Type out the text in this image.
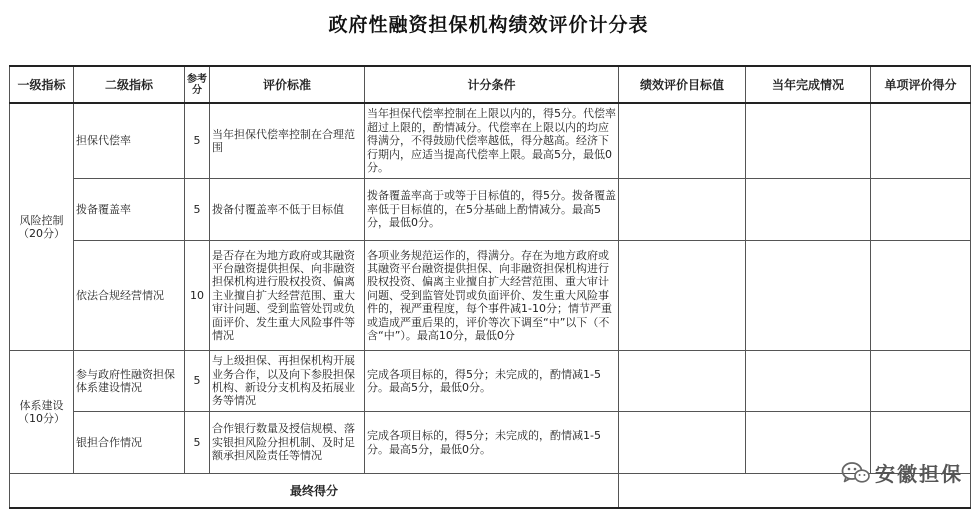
政府性融资担保机构绩效评价计分表
一级指标	二级指标	参考分	评价标准	计分条件	绩效评价目标值	当年完成情况	单项评价得分
风险控制（20分）	担保代偿率	5	当年担保代偿率控制在合理范围	当年担保代偿率控制在上限以内的，得5分。代偿率超过上限的，酌情减分。代偿率在上限以内的均应得满分，不得鼓励代偿率越低，得分越高。经济下行期内，应适当提高代偿率上限。最高5分，最低0分。			
	拨备覆盖率	5	拨备付覆盖率不低于目标值	拨备覆盖率高于或等于目标值的，得5分。拨备覆盖率低于目标值的，在5分基础上酌情减分。最高5分，最低0分。			
	依法合规经营情况	10	是否存在为地方政府或其融资平台融资提供担保、向非融资担保机构进行股权投资、偏离主业擅自扩大经营范围、重大审计问题、受到监管处罚或负面评价、发生重大风险事件等情况	各项业务规范运作的，得满分。存在为地方政府或其融资平台融资提供担保、向非融资担保机构进行股权投资、偏离主业擅自扩大经营范围、重大审计问题、受到监管处罚或负面评价、发生重大风险事件的，视严重程度，每个事件减1-10分；情节严重或造成严重后果的，评价等次下调至“中”以下（不含“中”）。最高10分，最低0分			
体系建设（10分）	参与政府性融资担保体系建设情况	5	与上级担保、再担保机构开展业务合作，以及向下参股担保机构、新设分支机构及拓展业务等情况	完成各项目标的，得5分；未完成的，酌情减1-5分。最高5分，最低0分。			
	银担合作情况	5	合作银行数量及授信规模、落实银担风险分担机制、及时足额承担风险责任等情况	完成各项目标的，得5分；未完成的，酌情减1-5分。最高5分，最低0分。			
最终得分							
安徽担保
